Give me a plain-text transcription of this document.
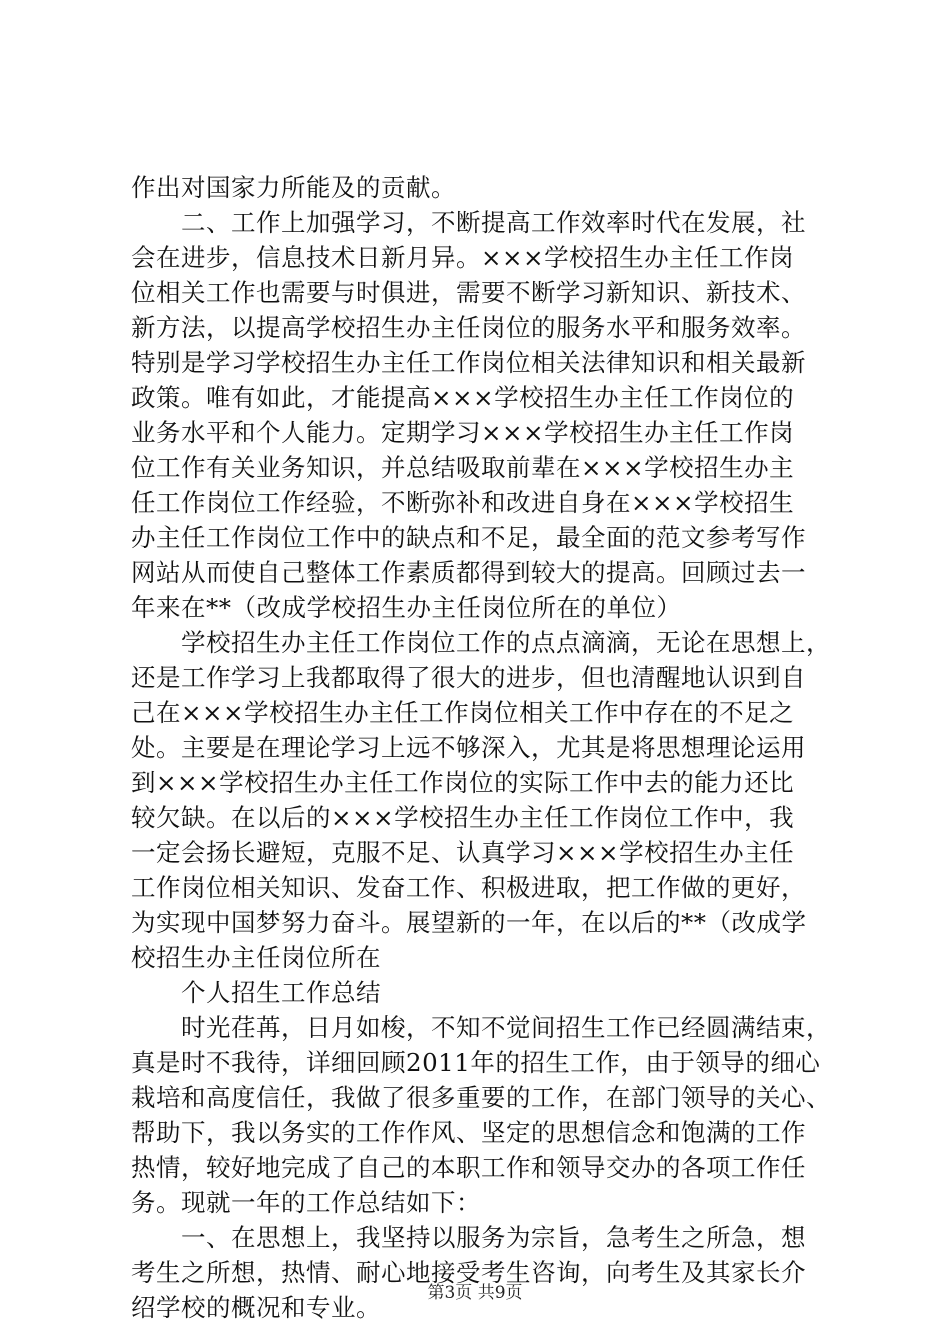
作出对国家力所能及的贡献。
二、工作上加强学习，不断提高工作效率时代在发展，社
会在进步，信息技术日新月异。×××学校招生办主任工作岗
位相关工作也需要与时俱进，需要不断学习新知识、新技术、
新方法，以提高学校招生办主任岗位的服务水平和服务效率。
特别是学习学校招生办主任工作岗位相关法律知识和相关最新
政策。唯有如此，才能提高×××学校招生办主任工作岗位的
业务水平和个人能力。定期学习×××学校招生办主任工作岗
位工作有关业务知识，并总结吸取前辈在×××学校招生办主
任工作岗位工作经验，不断弥补和改进自身在×××学校招生
办主任工作岗位工作中的缺点和不足，最全面的范文参考写作
网站从而使自己整体工作素质都得到较大的提高。回顾过去一
年来在**（改成学校招生办主任岗位所在的单位）
学校招生办主任工作岗位工作的点点滴滴，无论在思想上，
还是工作学习上我都取得了很大的进步，但也清醒地认识到自
己在×××学校招生办主任工作岗位相关工作中存在的不足之
处。主要是在理论学习上远不够深入，尤其是将思想理论运用
到×××学校招生办主任工作岗位的实际工作中去的能力还比
较欠缺。在以后的×××学校招生办主任工作岗位工作中，我
一定会扬长避短，克服不足、认真学习×××学校招生办主任
工作岗位相关知识、发奋工作、积极进取，把工作做的更好，
为实现中国梦努力奋斗。展望新的一年，在以后的**（改成学
校招生办主任岗位所在
个人招生工作总结
时光荏苒，日月如梭，不知不觉间招生工作已经圆满结束，
真是时不我待，详细回顾2011年的招生工作，由于领导的细心
栽培和高度信任，我做了很多重要的工作，在部门领导的关心、
帮助下，我以务实的工作作风、坚定的思想信念和饱满的工作
热情，较好地完成了自己的本职工作和领导交办的各项工作任
务。现就一年的工作总结如下：
一、在思想上，我坚持以服务为宗旨，急考生之所急，想
考生之所想，热情、耐心地接受考生咨询，向考生及其家长介
绍学校的概况和专业。	第3页 共9页
